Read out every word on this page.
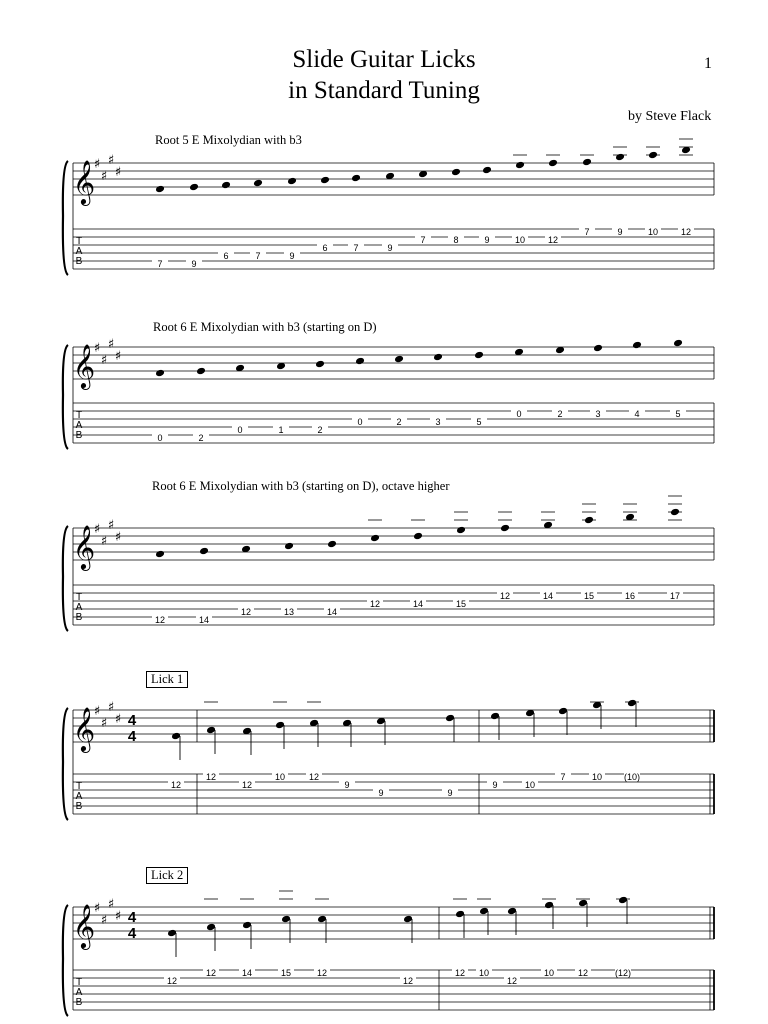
Slide Guitar Licks
in Standard Tuning
1
by Steve Flack
Root 5 E Mixolydian with b3
Root 6 E Mixolydian with b3 (starting on D)
Root 6 E Mixolydian with b3 (starting on D), octave higher
Lick 1
Lick 2
𝄞
♯
♯
♯
♯
T
A
B	7	9
6	7	9
6	7	9
7	8	9	10	12
7	9	10	12
𝄞
♯
♯
♯
♯
T
A
B	0	2
0	1	2
0	2	3	5
0	2	3	4	5
𝄞
♯
♯
♯
♯
T
A
B	12	14
12	13	14
12	14	15
12	14	15	16	17
𝄞
♯
♯
♯
♯
T
A
B
4
4
12
12
12
10	12
9
9	9
9	10
7	10 (10)
𝄞
♯
♯
♯
♯
T
A
B
4
4
12
12	14	15	12
12
12 10
12
10	12	(12)
